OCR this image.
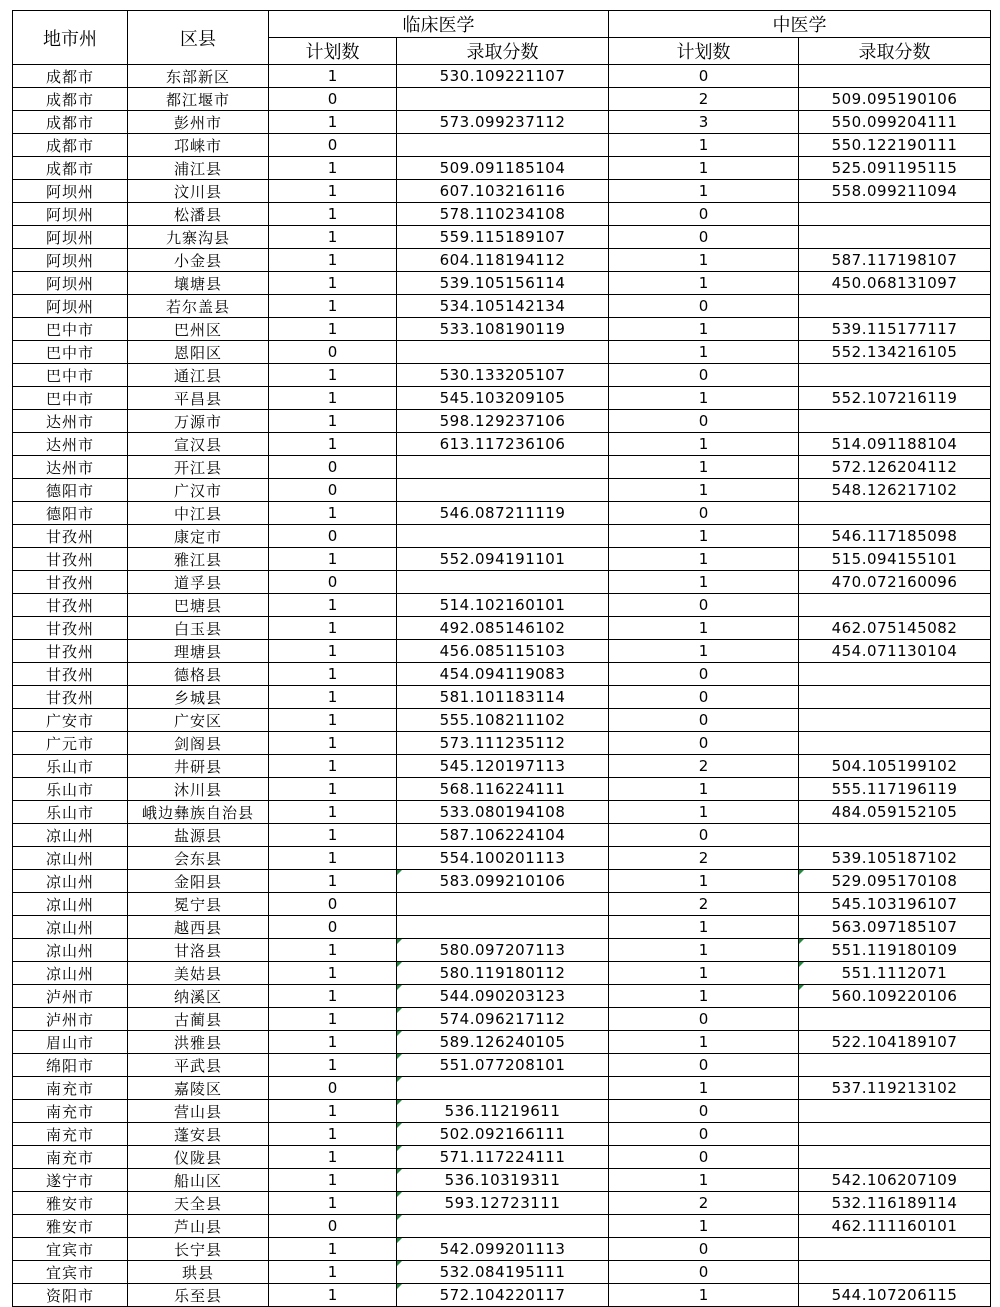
地市州	区县	临床医学		中医学	
		计划数	录取分数	计划数	录取分数
成都市	东部新区	1	530.109221107	0	
成都市	都江堰市	0		2	509.095190106
成都市	彭州市	1	573.099237112	3	550.099204111
成都市	邛崃市	0		1	550.122190111
成都市	浦江县	1	509.091185104	1	525.091195115
阿坝州	汶川县	1	607.103216116	1	558.099211094
阿坝州	松潘县	1	578.110234108	0	
阿坝州	九寨沟县	1	559.115189107	0	
阿坝州	小金县	1	604.118194112	1	587.117198107
阿坝州	壤塘县	1	539.105156114	1	450.068131097
阿坝州	若尔盖县	1	534.105142134	0	
巴中市	巴州区	1	533.108190119	1	539.115177117
巴中市	恩阳区	0		1	552.134216105
巴中市	通江县	1	530.133205107	0	
巴中市	平昌县	1	545.103209105	1	552.107216119
达州市	万源市	1	598.129237106	0	
达州市	宣汉县	1	613.117236106	1	514.091188104
达州市	开江县	0		1	572.126204112
德阳市	广汉市	0		1	548.126217102
德阳市	中江县	1	546.087211119	0	
甘孜州	康定市	0		1	546.117185098
甘孜州	雅江县	1	552.094191101	1	515.094155101
甘孜州	道孚县	0		1	470.072160096
甘孜州	巴塘县	1	514.102160101	0	
甘孜州	白玉县	1	492.085146102	1	462.075145082
甘孜州	理塘县	1	456.085115103	1	454.071130104
甘孜州	德格县	1	454.094119083	0	
甘孜州	乡城县	1	581.101183114	0	
广安市	广安区	1	555.108211102	0	
广元市	剑阁县	1	573.111235112	0	
乐山市	井研县	1	545.120197113	2	504.105199102
乐山市	沐川县	1	568.116224111	1	555.117196119
乐山市	峨边彝族自治县	1	533.080194108	1	484.059152105
凉山州	盐源县	1	587.106224104	0	
凉山州	会东县	1	554.100201113	2	539.105187102
凉山州	金阳县	1	583.099210106	1	529.095170108
凉山州	冕宁县	0		2	545.103196107
凉山州	越西县	0		1	563.097185107
凉山州	甘洛县	1	580.097207113	1	551.119180109
凉山州	美姑县	1	580.119180112	1	551.1112071
泸州市	纳溪区	1	544.090203123	1	560.109220106
泸州市	古蔺县	1	574.096217112	0	
眉山市	洪雅县	1	589.126240105	1	522.104189107
绵阳市	平武县	1	551.077208101	0	
南充市	嘉陵区	0		1	537.119213102
南充市	营山县	1	536.11219611	0	
南充市	蓬安县	1	502.092166111	0	
南充市	仪陇县	1	571.117224111	0	
遂宁市	船山区	1	536.10319311	1	542.106207109
雅安市	天全县	1	593.12723111	2	532.116189114
雅安市	芦山县	0		1	462.111160101
宜宾市	长宁县	1	542.099201113	0	
宜宾市	珙县	1	532.084195111	0	
资阳市	乐至县	1	572.104220117	1	544.107206115
